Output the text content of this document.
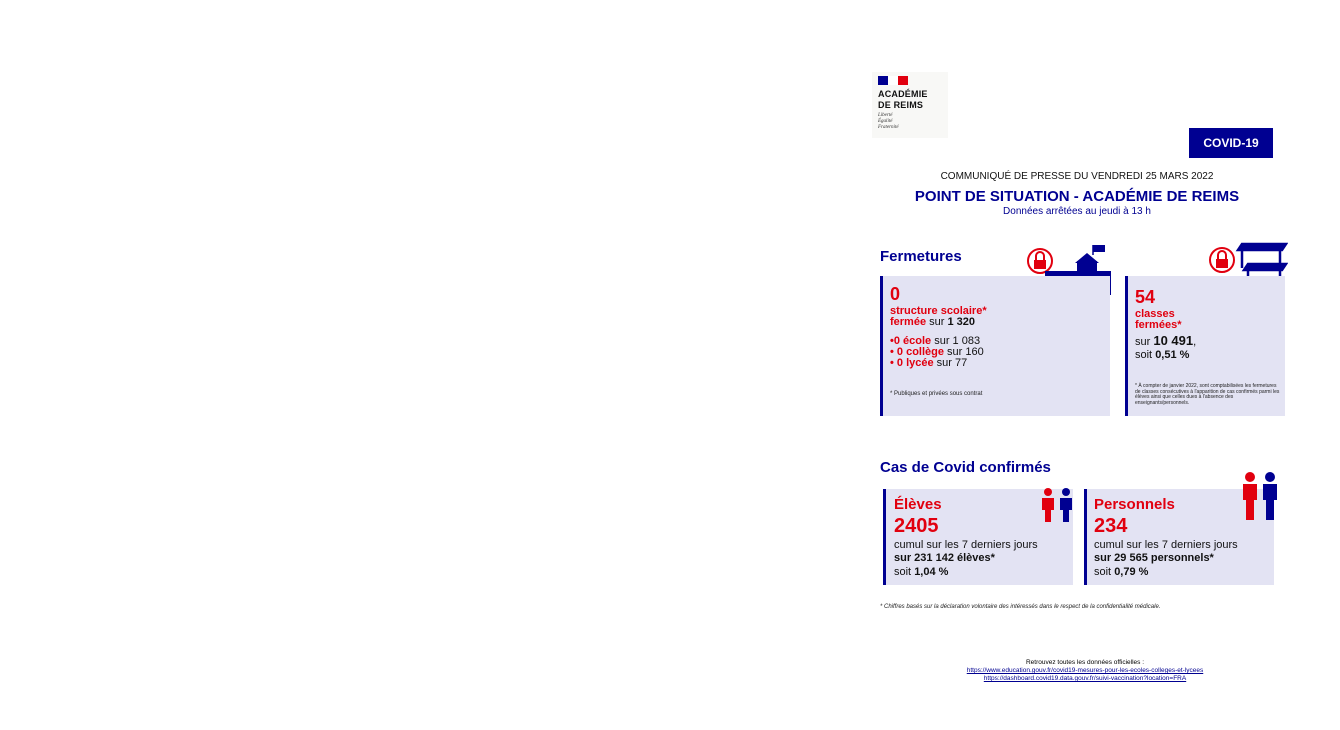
ACADÉMIE
DE REIMS
Liberté
Égalité
Fraternité
COVID-19
COMMUNIQUÉ DE PRESSE DU VENDREDI 25 MARS 2022
POINT DE SITUATION - ACADÉMIE DE REIMS
Données arrêtées au jeudi à 13 h
Fermetures
0
structure scolaire*
fermée sur 1 320
•0 école sur 1 083
• 0 collège sur 160
• 0 lycée sur 77
* Publiques et privées sous contrat
54
classes
fermées*
sur 10 491,
soit 0,51 %
* À compter de janvier 2022, sont comptabilisées les fermetures de classes consécutives à l'apparition de cas confirmés parmi les élèves ainsi que celles dues à l'absence des enseignants/personnels.
Cas de Covid confirmés
Élèves
2405
cumul sur les 7 derniers jours
sur 231 142 élèves*
soit 1,04 %
Personnels
234
cumul sur les 7 derniers jours
sur 29 565 personnels*
soit 0,79 %
* Chiffres basés sur la déclaration volontaire des intéressés dans le respect de la confidentialité médicale.
Retrouvez toutes les données officielles :
https://www.education.gouv.fr/covid19-mesures-pour-les-ecoles-colleges-et-lycees
https://dashboard.covid19.data.gouv.fr/suivi-vaccination?location=FRA
